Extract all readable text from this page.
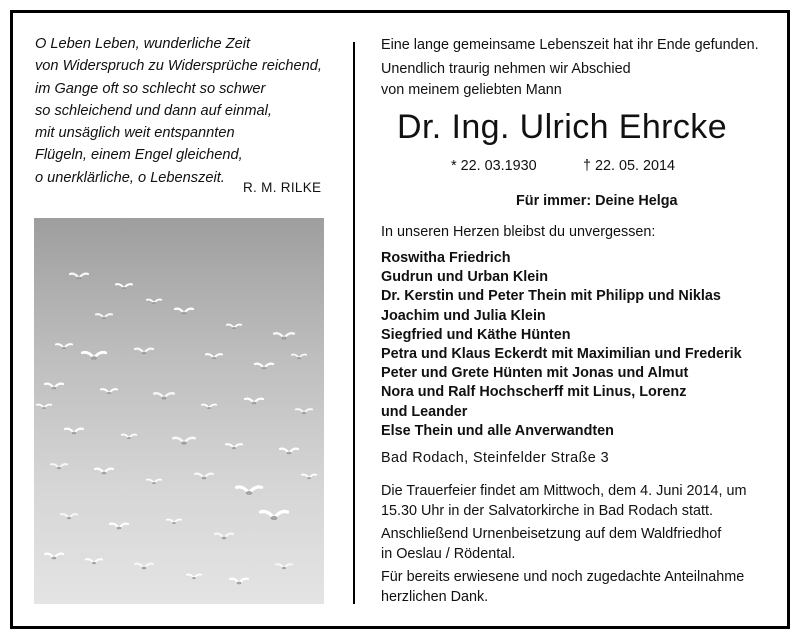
O Leben Leben, wunderliche Zeit
von Widerspruch zu Widersprüche reichend,
im Gange oft so schlecht so schwer
so schleichend und dann auf einmal,
mit unsäglich weit entspannten
Flügeln, einem Engel gleichend,
o unerklärliche, o Lebenszeit.
R. M. RILKE
Eine lange gemeinsame Lebenszeit hat ihr Ende gefunden.
Unendlich traurig nehmen wir Abschied
von meinem geliebten Mann
Dr. Ing. Ulrich Ehrcke
* 22. 03.1930	† 22. 05. 2014
Für immer: Deine Helga
In unseren Herzen bleibst du unvergessen:
Roswitha Friedrich
Gudrun und Urban Klein
Dr. Kerstin und Peter Thein mit Philipp und Niklas
Joachim und Julia Klein
Siegfried und Käthe Hünten
Petra und Klaus Eckerdt mit Maximilian und Frederik
Peter und Grete Hünten mit Jonas und Almut
Nora und Ralf Hochscherff mit Linus, Lorenz
und Leander
Else Thein und alle Anverwandten
Bad Rodach, Steinfelder Straße 3

Die Trauerfeier findet am Mittwoch, dem 4. Juni 2014, um
15.30 Uhr in der Salvatorkirche in Bad Rodach statt.

Anschließend Urnenbeisetzung auf dem Waldfriedhof
in Oeslau / Rödental.

Für bereits erwiesene und noch zugedachte Anteilnahme
herzlichen Dank.
